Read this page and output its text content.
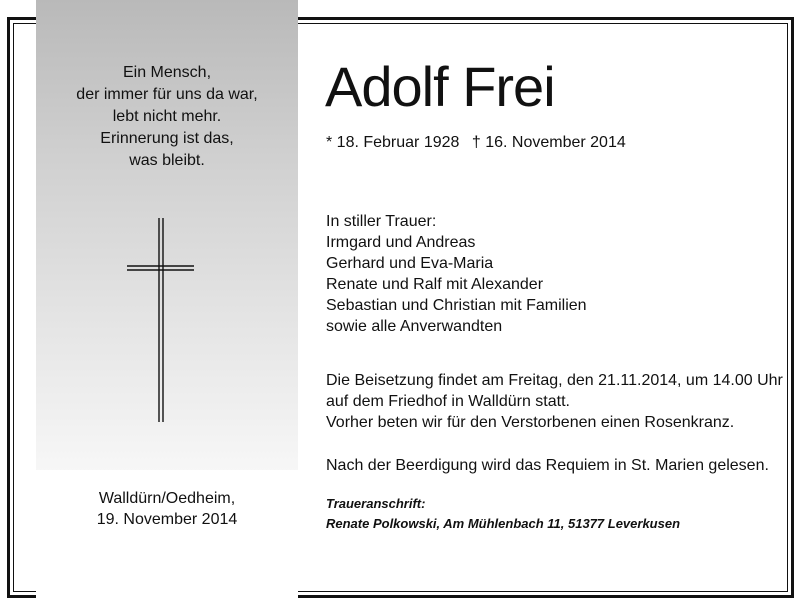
Ein Mensch,
der immer für uns da war,
lebt nicht mehr.
Erinnerung ist das,
was bleibt.
Walldürn/Oedheim,
19. November 2014
Adolf Frei
* 18. Februar 1928 † 16. November 2014
In stiller Trauer:
Irmgard und Andreas
Gerhard und Eva-Maria
Renate und Ralf mit Alexander
Sebastian und Christian mit Familien
sowie alle Anverwandten
Die Beisetzung findet am Freitag, den 21.11.2014, um 14.00 Uhr
auf dem Friedhof in Walldürn statt.
Vorher beten wir für den Verstorbenen einen Rosenkranz.
Nach der Beerdigung wird das Requiem in St. Marien gelesen.
Traueranschrift:
Renate Polkowski, Am Mühlenbach 11, 51377 Leverkusen
